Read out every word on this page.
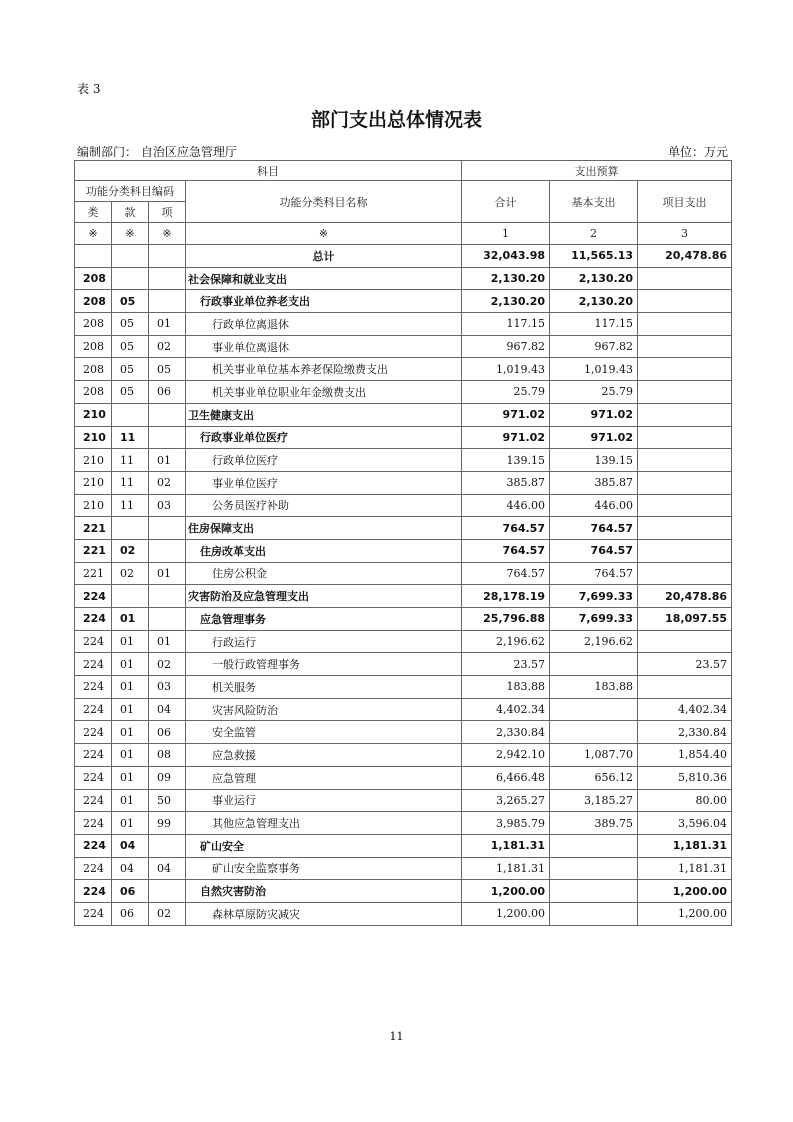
表 3
部门支出总体情况表
编制部门： 自治区应急管理厅	单位：万元
科目				支出预算		
功能分类科目编码			功能分类科目名称	合计	基本支出	项目支出
类	款	项				
※	※	※	※	1	2	3
			总计	32,043.98	11,565.13	20,478.86
208			社会保障和就业支出	2,130.20	2,130.20	
208	05		行政事业单位养老支出	2,130.20	2,130.20	
208	05	01	行政单位离退休	117.15	117.15	
208	05	02	事业单位离退休	967.82	967.82	
208	05	05	机关事业单位基本养老保险缴费支出	1,019.43	1,019.43	
208	05	06	机关事业单位职业年金缴费支出	25.79	25.79	
210			卫生健康支出	971.02	971.02	
210	11		行政事业单位医疗	971.02	971.02	
210	11	01	行政单位医疗	139.15	139.15	
210	11	02	事业单位医疗	385.87	385.87	
210	11	03	公务员医疗补助	446.00	446.00	
221			住房保障支出	764.57	764.57	
221	02		住房改革支出	764.57	764.57	
221	02	01	住房公积金	764.57	764.57	
224			灾害防治及应急管理支出	28,178.19	7,699.33	20,478.86
224	01		应急管理事务	25,796.88	7,699.33	18,097.55
224	01	01	行政运行	2,196.62	2,196.62	
224	01	02	一般行政管理事务	23.57		23.57
224	01	03	机关服务	183.88	183.88	
224	01	04	灾害风险防治	4,402.34		4,402.34
224	01	06	安全监管	2,330.84		2,330.84
224	01	08	应急救援	2,942.10	1,087.70	1,854.40
224	01	09	应急管理	6,466.48	656.12	5,810.36
224	01	50	事业运行	3,265.27	3,185.27	80.00
224	01	99	其他应急管理支出	3,985.79	389.75	3,596.04
224	04		矿山安全	1,181.31		1,181.31
224	04	04	矿山安全监察事务	1,181.31		1,181.31
224	06		自然灾害防治	1,200.00		1,200.00
224	06	02	森林草原防灾减灾	1,200.00		1,200.00
11
